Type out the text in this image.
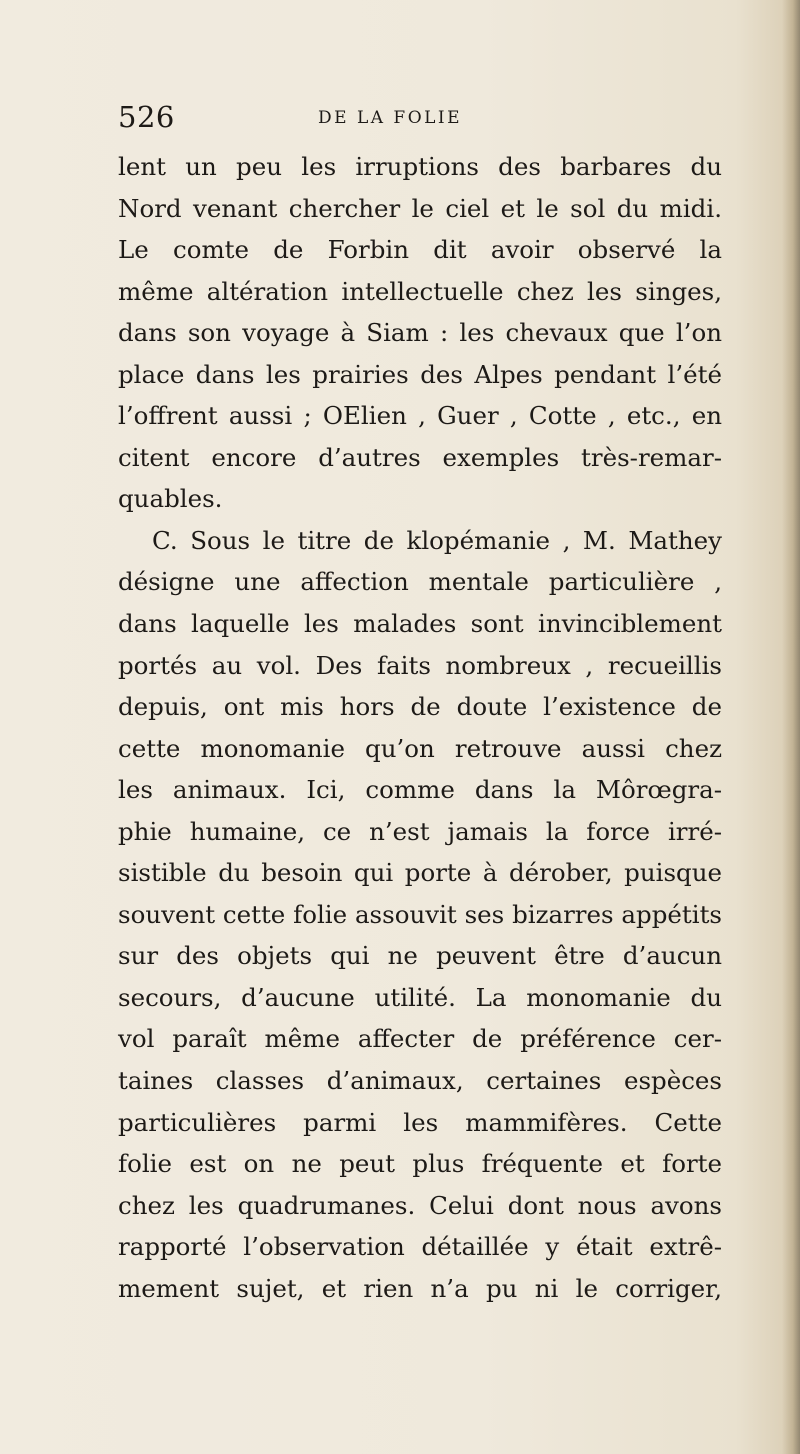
526	DE LA FOLIE
lent un peu les irruptions des barbares du
Nord venant chercher le ciel et le sol du midi.
Le comte de Forbin dit avoir observé la
même altération intellectuelle chez les singes,
dans son voyage à Siam : les chevaux que l’on
place dans les prairies des Alpes pendant l’été
l’offrent aussi ; OElien , Guer , Cotte , etc., en
citent encore d’autres exemples très-remar-
quables.
C. Sous le titre de klopémanie , M. Mathey
désigne une affection mentale particulière ,
dans laquelle les malades sont invinciblement
portés au vol. Des faits nombreux , recueillis
depuis, ont mis hors de doute l’existence de
cette monomanie qu’on retrouve aussi chez
les animaux. Ici, comme dans la Môrœgra-
phie humaine, ce n’est jamais la force irré-
sistible du besoin qui porte à dérober, puisque
souvent cette folie assouvit ses bizarres appétits
sur des objets qui ne peuvent être d’aucun
secours, d’aucune utilité. La monomanie du
vol paraît même affecter de préférence cer-
taines classes d’animaux, certaines espèces
particulières parmi les mammifères. Cette
folie est on ne peut plus fréquente et forte
chez les quadrumanes. Celui dont nous avons
rapporté l’observation détaillée y était extrê-
mement sujet, et rien n’a pu ni le corriger,
